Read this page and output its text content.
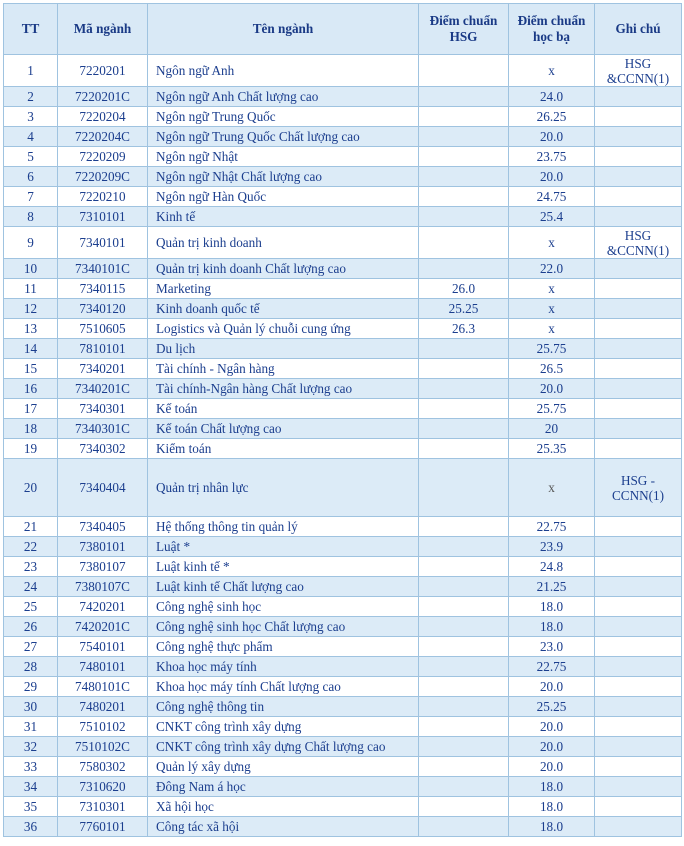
TT	Mã ngành	Tên ngành	Điểm chuẩn HSG	Điểm chuẩn học bạ	Ghi chú
1	7220201	Ngôn ngữ Anh		x	HSG &CCNN(1)
2	7220201C	Ngôn ngữ Anh Chất lượng cao		24.0	
3	7220204	Ngôn ngữ Trung Quốc		26.25	
4	7220204C	Ngôn ngữ Trung Quốc Chất lượng cao		20.0	
5	7220209	Ngôn ngữ Nhật		23.75	
6	7220209C	Ngôn ngữ Nhật Chất lượng cao		20.0	
7	7220210	Ngôn ngữ Hàn Quốc		24.75	
8	7310101	Kinh tế		25.4	
9	7340101	Quản trị kinh doanh		x	HSG &CCNN(1)
10	7340101C	Quản trị kinh doanh Chất lượng cao		22.0	
11	7340115	Marketing	26.0	x	
12	7340120	Kinh doanh quốc tế	25.25	x	
13	7510605	Logistics và Quản lý chuỗi cung ứng	26.3	x	
14	7810101	Du lịch		25.75	
15	7340201	Tài chính - Ngân hàng		26.5	
16	7340201C	Tài chính-Ngân hàng Chất lượng cao		20.0	
17	7340301	Kế toán		25.75	
18	7340301C	Kế toán Chất lượng cao		20	
19	7340302	Kiểm toán		25.35	
20	7340404	Quản trị nhân lực		x	HSG - CCNN(1)
21	7340405	Hệ thống thông tin quản lý		22.75	
22	7380101	Luật *		23.9	
23	7380107	Luật kinh tế *		24.8	
24	7380107C	Luật kinh tế Chất lượng cao		21.25	
25	7420201	Công nghệ sinh học		18.0	
26	7420201C	Công nghệ sinh học Chất lượng cao		18.0	
27	7540101	Công nghệ thực phẩm		23.0	
28	7480101	Khoa học máy tính		22.75	
29	7480101C	Khoa học máy tính Chất lượng cao		20.0	
30	7480201	Công nghệ thông tin		25.25	
31	7510102	CNKT công trình xây dựng		20.0	
32	7510102C	CNKT công trình xây dựng Chất lượng cao		20.0	
33	7580302	Quản lý xây dựng		20.0	
34	7310620	Đông Nam á học		18.0	
35	7310301	Xã hội học		18.0	
36	7760101	Công tác xã hội		18.0	
